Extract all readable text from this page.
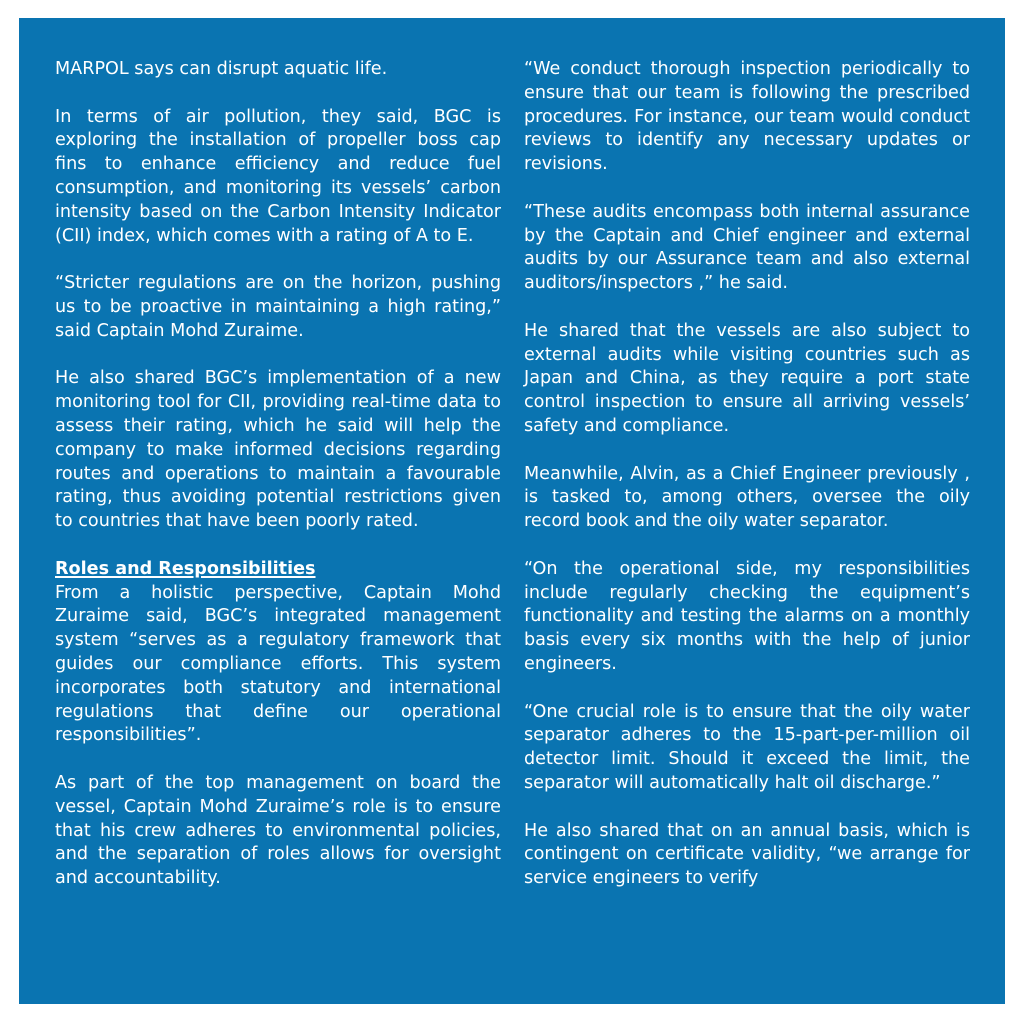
MARPOL says can disrupt aquatic life.

In terms of air pollution, they said, BGC is exploring the installation of propeller boss cap fins to enhance efficiency and reduce fuel consumption, and monitoring its vessels’ carbon intensity based on the Carbon Intensity Indicator (CII) index, which comes with a rating of A to E.

“Stricter regulations are on the horizon, pushing us to be proactive in maintaining a high rating,” said Captain Mohd Zuraime.

He also shared BGC’s implementation of a new monitoring tool for CII, providing real-time data to assess their rating, which he said will help the company to make informed decisions regarding routes and operations to maintain a favourable rating, thus avoiding potential restrictions given to countries that have been poorly rated.

Roles and Responsibilities

From a holistic perspective, Captain Mohd Zuraime said, BGC’s integrated management system “serves as a regulatory framework that guides our compliance efforts. This system incorporates both statutory and international regulations that define our operational responsibilities”.

As part of the top management on board the vessel, Captain Mohd Zuraime’s role is to ensure that his crew adheres to environmental policies, and the separation of roles allows for oversight and accountability.

“We conduct thorough inspection periodically to ensure that our team is following the prescribed procedures. For instance, our team would conduct reviews to identify any necessary updates or revisions.

“These audits encompass both internal assurance by the Captain and Chief engineer and external audits by our Assurance team and also external auditors/inspectors ,” he said.

He shared that the vessels are also subject to external audits while visiting countries such as Japan and China, as they require a port state control inspection to ensure all arriving vessels’ safety and compliance.

Meanwhile, Alvin, as a Chief Engineer previously , is tasked to, among others, oversee the oily record book and the oily water separator.

“On the operational side, my responsibilities include regularly checking the equipment’s functionality and testing the alarms on a monthly basis every six months with the help of junior engineers.

“One crucial role is to ensure that the oily water separator adheres to the 15-part-per-million oil detector limit. Should it exceed the limit, the separator will automatically halt oil discharge.”

He also shared that on an annual basis, which is contingent on certificate validity, “we arrange for service engineers to verify
